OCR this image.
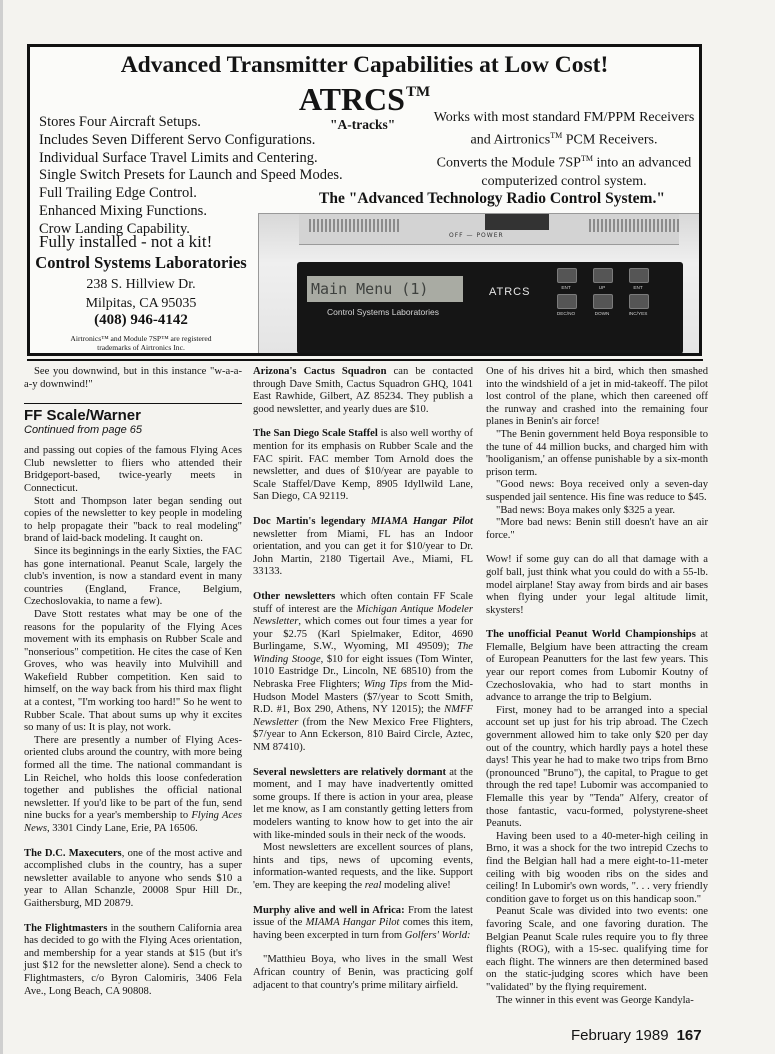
Advanced Transmitter Capabilities at Low Cost!
ATRCS™
"A-tracks"
Stores Four Aircraft Setups.
Includes Seven Different Servo Configurations.
Individual Surface Travel Limits and Centering.
Single Switch Presets for Launch and Speed Modes.
Full Trailing Edge Control.
Enhanced Mixing Functions.
Crow Landing Capability.
Works with most standard FM/PPM Receivers
and Airtronics™ PCM Receivers.
Converts the Module 7SP™ into an advanced
computerized control system.
The "Advanced Technology Radio Control System."
Fully installed - not a kit!
Control Systems Laboratories
238 S. Hillview Dr.
Milpitas, CA 95035
(408) 946-4142
Airtronics™ and Module 7SP™ are registered
trademarks of Airtronics Inc.
OFF — POWER
Main Menu (1)	ATRCS
Control Systems Laboratories
ENT	UP	ENT
DEC/NO	DOWN	INC/YES

See you downwind, but in this instance "w-a-a-a-y downwind!"

FF Scale/Warner
Continued from page 65

and passing out copies of the famous Flying Aces Club newsletter to fliers who attended their Bridgeport-based, twice-yearly meets in Connecticut.

Stott and Thompson later began sending out copies of the newsletter to key people in modeling to help propagate their "back to real modeling" brand of laid-back modeling. It caught on.

Since its beginnings in the early Sixties, the FAC has gone international. Peanut Scale, largely the club's invention, is now a standard event in many countries (England, France, Belgium, Czechoslovakia, to name a few).

Dave Stott restates what may be one of the reasons for the popularity of the Flying Aces movement with its emphasis on Rubber Scale and "nonserious" competition. He cites the case of Ken Groves, who was heavily into Mulvihill and Wakefield Rubber competition. Ken said to himself, on the way back from his third max flight at a contest, "I'm working too hard!" So he went to Rubber Scale. That about sums up why it excites so many of us: It is play, not work.

There are presently a number of Flying Aces-oriented clubs around the country, with more being formed all the time. The national commandant is Lin Reichel, who holds this loose confederation together and publishes the official national newsletter. If you'd like to be part of the fun, send nine bucks for a year's membership to Flying Aces News, 3301 Cindy Lane, Erie, PA 16506.

The D.C. Maxecuters, one of the most active and accomplished clubs in the country, has a super newsletter available to anyone who sends $10 a year to Allan Schanzle, 20008 Spur Hill Dr., Gaithersburg, MD 20879.

The Flightmasters in the southern California area has decided to go with the Flying Aces orientation, and membership for a year stands at $15 (but it's just $12 for the newsletter alone). Send a check to Flightmasters, c/o Byron Calomiris, 3406 Fela Ave., Long Beach, CA 90808.

Arizona's Cactus Squadron can be contacted through Dave Smith, Cactus Squadron GHQ, 1041 East Rawhide, Gilbert, AZ 85234. They publish a good newsletter, and yearly dues are $10.

The San Diego Scale Staffel is also well worthy of mention for its emphasis on Rubber Scale and the FAC spirit. FAC member Tom Arnold does the newsletter, and dues of $10/year are payable to Scale Staffel/Dave Kemp, 8905 Idyllwild Lane, San Diego, CA 92119.

Doc Martin's legendary MIAMA Hangar Pilot newsletter from Miami, FL has an Indoor orientation, and you can get it for $10/year to Dr. John Martin, 2180 Tigertail Ave., Miami, FL 33133.

Other newsletters which often contain FF Scale stuff of interest are the Michigan Antique Modeler Newsletter, which comes out four times a year for your $2.75 (Karl Spielmaker, Editor, 4690 Burlingame, S.W., Wyoming, MI 49509); The Winding Stooge, $10 for eight issues (Tom Winter, 1010 Eastridge Dr., Lincoln, NE 68510) from the Nebraska Free Flighters; Wing Tips from the Mid-Hudson Model Masters ($7/year to Scott Smith, R.D. #1, Box 290, Athens, NY 12015); the NMFF Newsletter (from the New Mexico Free Flighters, $7/year to Ann Eckerson, 810 Baird Circle, Aztec, NM 87410).

Several newsletters are relatively dormant at the moment, and I may have inadvertently omitted some groups. If there is action in your area, please let me know, as I am constantly getting letters from modelers wanting to know how to get into the air with like-minded souls in their neck of the woods.

Most newsletters are excellent sources of plans, hints and tips, news of upcoming events, information-wanted requests, and the like. Support 'em. They are keeping the real modeling alive!

Murphy alive and well in Africa: From the latest issue of the MIAMA Hangar Pilot comes this item, having been excerpted in turn from Golfers' World:

"Matthieu Boya, who lives in the small West African country of Benin, was practicing golf adjacent to that country's prime military airfield.

One of his drives hit a bird, which then smashed into the windshield of a jet in mid-takeoff. The pilot lost control of the plane, which then careened off the runway and crashed into the remaining four planes in Benin's air force!

"The Benin government held Boya responsible to the tune of 44 million bucks, and charged him with 'hooliganism,' an offense punishable by a six-month prison term.

"Good news: Boya received only a seven-day suspended jail sentence. His fine was reduce to $45.

"Bad news: Boya makes only $325 a year.

"More bad news: Benin still doesn't have an air force."

Wow! if some guy can do all that damage with a golf ball, just think what you could do with a 55-lb. model airplane! Stay away from birds and air bases when flying under your legal altitude limit, skysters!

The unofficial Peanut World Championships at Flemalle, Belgium have been attracting the cream of European Peanutters for the last few years. This year our report comes from Lubomir Koutny of Czechoslovakia, who had to start months in advance to arrange the trip to Belgium.

First, money had to be arranged into a special account set up just for his trip abroad. The Czech government allowed him to take only $20 per day out of the country, which hardly pays a hotel these days! This year he had to make two trips from Brno (pronounced "Bruno"), the capital, to Prague to get through the red tape! Lubomir was accompanied to Flemalle this year by "Tenda" Alfery, creator of those fantastic, vacu-formed, polystyrene-sheet Peanuts.

Having been used to a 40-meter-high ceiling in Brno, it was a shock for the two intrepid Czechs to find the Belgian hall had a mere eight-to-11-meter ceiling with big wooden ribs on the sides and ceiling! In Lubomir's own words, ". . . very friendly condition gave to forget us on this handicap soon."

Peanut Scale was divided into two events: one favoring Scale, and one favoring duration. The Belgian Peanut Scale rules require you to fly three flights (ROG), with a 15-sec. qualifying time for each flight. The winners are then determined based on the static-judging scores which have been "validated" by the flying requirement.

The winner in this event was George Kandyla-

February 1989 167
